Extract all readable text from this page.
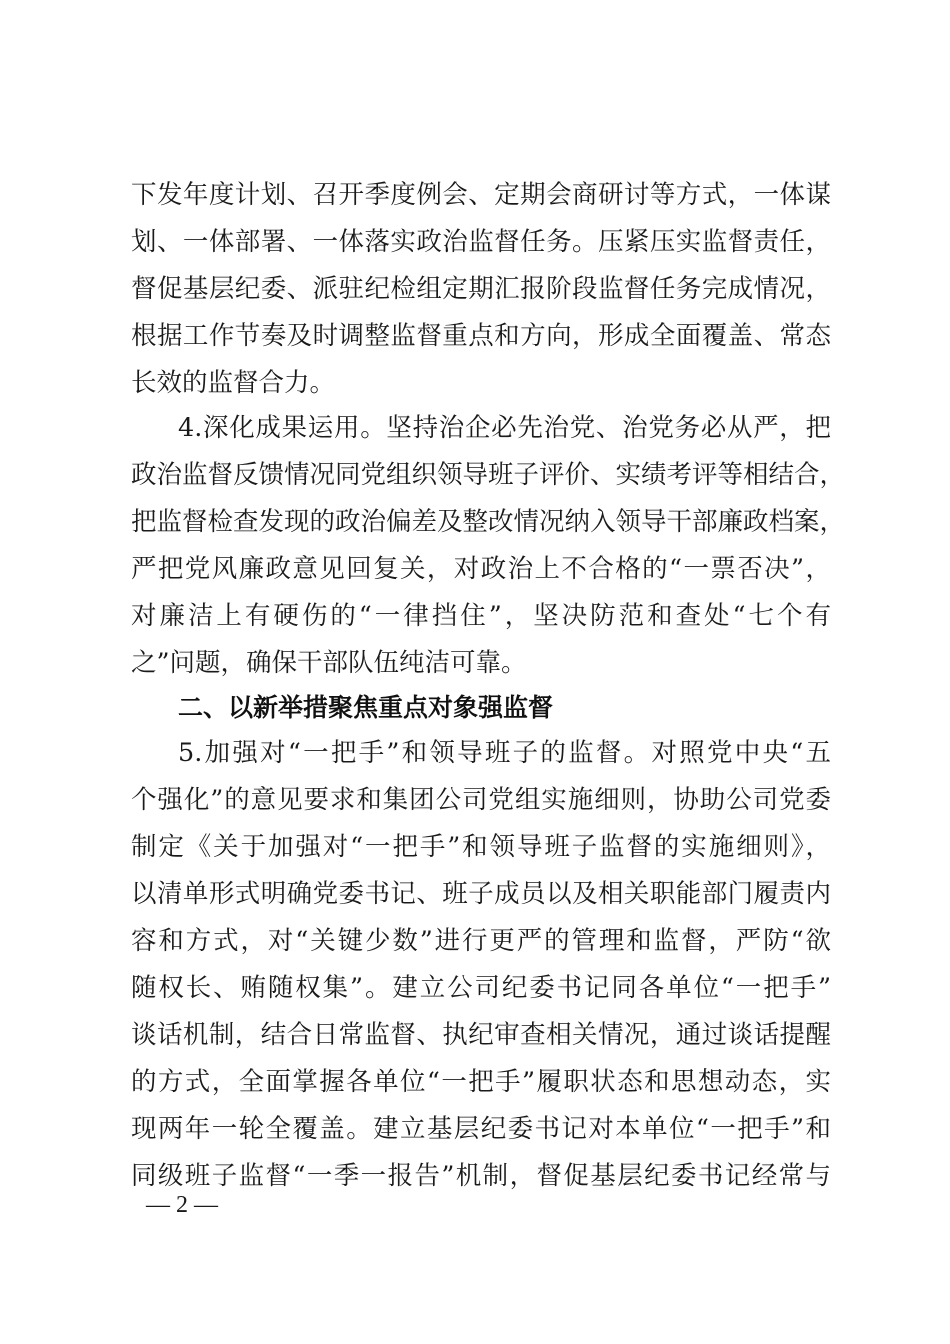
下发年度计划、召开季度例会、定期会商研讨等方式，一体谋
划、一体部署、一体落实政治监督任务。压紧压实监督责任，
督促基层纪委、派驻纪检组定期汇报阶段监督任务完成情况，
根据工作节奏及时调整监督重点和方向，形成全面覆盖、常态
长效的监督合力。
4.深化成果运用。坚持治企必先治党、治党务必从严，把
政治监督反馈情况同党组织领导班子评价、实绩考评等相结合，
把监督检查发现的政治偏差及整改情况纳入领导干部廉政档案，
严把党风廉政意见回复关，对政治上不合格的“一票否决”，
对廉洁上有硬伤的“一律挡住”，坚决防范和查处“七个有
之”问题，确保干部队伍纯洁可靠。
二、以新举措聚焦重点对象强监督
5.加强对“一把手”和领导班子的监督。对照党中央“五
个强化”的意见要求和集团公司党组实施细则，协助公司党委
制定《关于加强对“一把手”和领导班子监督的实施细则》，
以清单形式明确党委书记、班子成员以及相关职能部门履责内
容和方式，对“关键少数”进行更严的管理和监督，严防“欲
随权长、贿随权集”。建立公司纪委书记同各单位“一把手”
谈话机制，结合日常监督、执纪审查相关情况，通过谈话提醒
的方式，全面掌握各单位“一把手”履职状态和思想动态，实
现两年一轮全覆盖。建立基层纪委书记对本单位“一把手”和
同级班子监督“一季一报告”机制，督促基层纪委书记经常与
— 2 —
